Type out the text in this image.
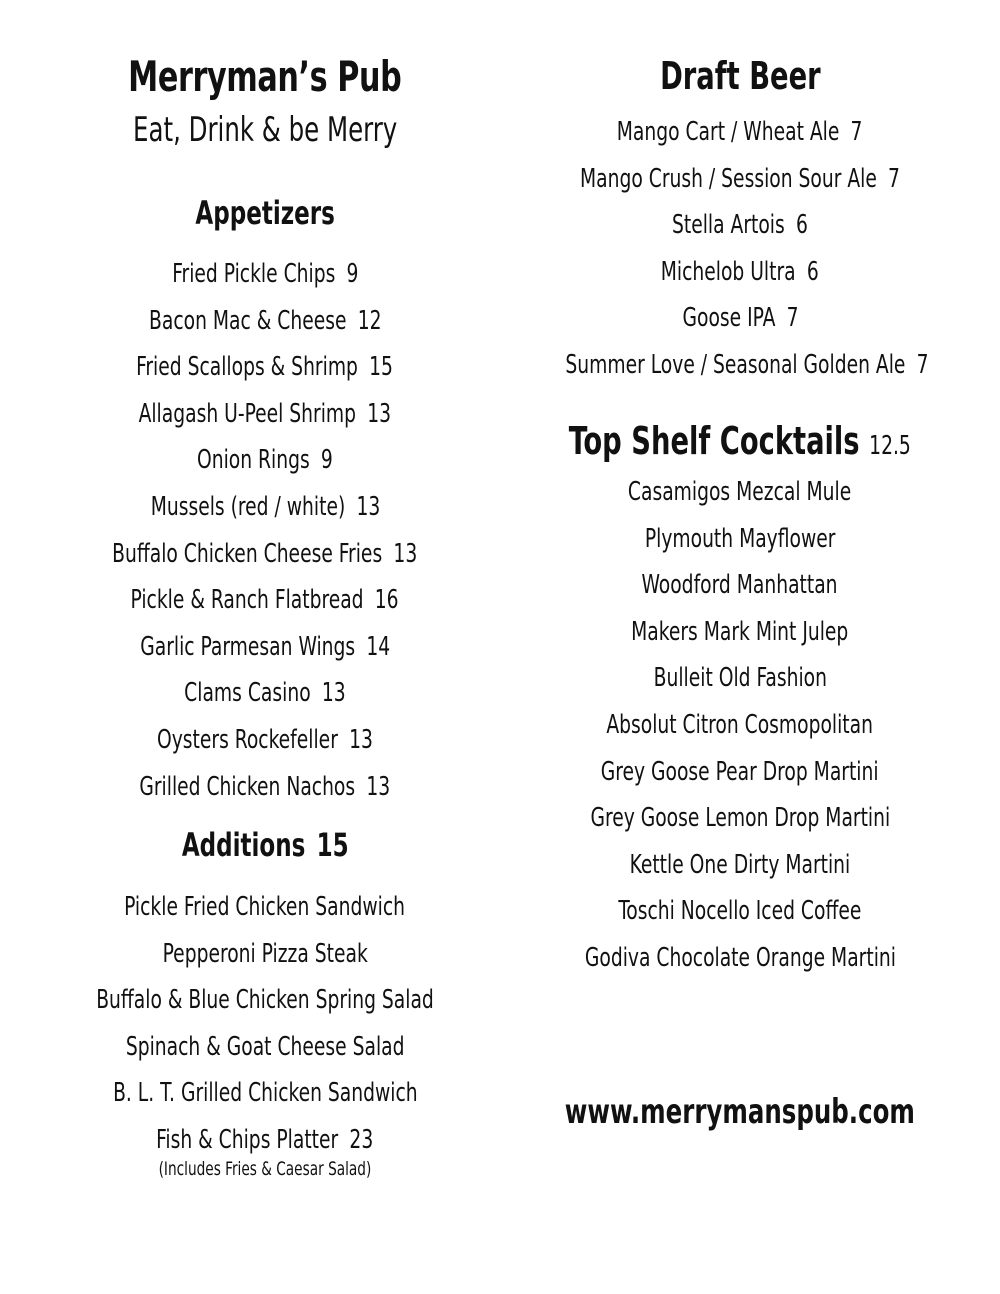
Merryman’s Pub
Eat, Drink & be Merry
Appetizers
Fried Pickle Chips 9
Bacon Mac & Cheese 12
Fried Scallops & Shrimp 15
Allagash U-Peel Shrimp 13
Onion Rings 9
Mussels (red / white) 13
Buffalo Chicken Cheese Fries 13
Pickle & Ranch Flatbread 16
Garlic Parmesan Wings 14
Clams Casino 13
Oysters Rockefeller 13
Grilled Chicken Nachos 13
Additions 15
Pickle Fried Chicken Sandwich
Pepperoni Pizza Steak
Buffalo & Blue Chicken Spring Salad
Spinach & Goat Cheese Salad
B. L. T. Grilled Chicken Sandwich
Fish & Chips Platter 23
(Includes Fries & Caesar Salad)
Draft Beer
Mango Cart / Wheat Ale 7
Mango Crush / Session Sour Ale 7
Stella Artois 6
Michelob Ultra 6
Goose IPA 7
Summer Love / Seasonal Golden Ale 7
Top Shelf Cocktails 12.5
Casamigos Mezcal Mule
Plymouth Mayflower
Woodford Manhattan
Makers Mark Mint Julep
Bulleit Old Fashion
Absolut Citron Cosmopolitan
Grey Goose Pear Drop Martini
Grey Goose Lemon Drop Martini
Kettle One Dirty Martini
Toschi Nocello Iced Coffee
Godiva Chocolate Orange Martini
www.merrymanspub.com
